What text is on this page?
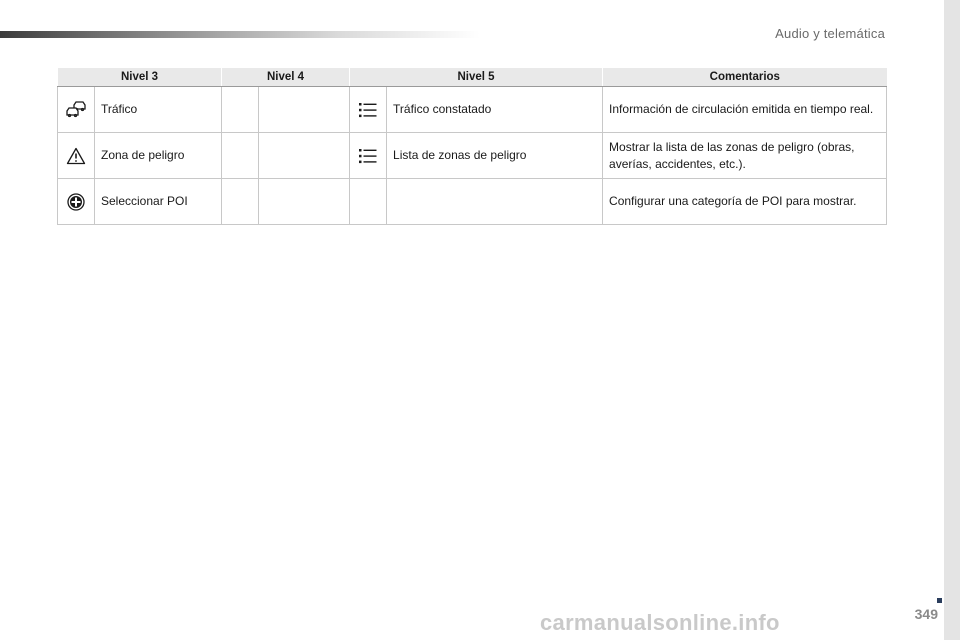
Audio y telemática
Nivel 3		Nivel 4		Nivel 5		Comentarios
	Tráfico				Tráfico constatado	Información de circulación emitida en tiempo real.
	Zona de peligro				Lista de zonas de peligro	Mostrar la lista de las zonas de peligro (obras, averías, accidentes, etc.).
	Seleccionar POI					Configurar una categoría de POI para mostrar.
349
carmanualsonline.info
